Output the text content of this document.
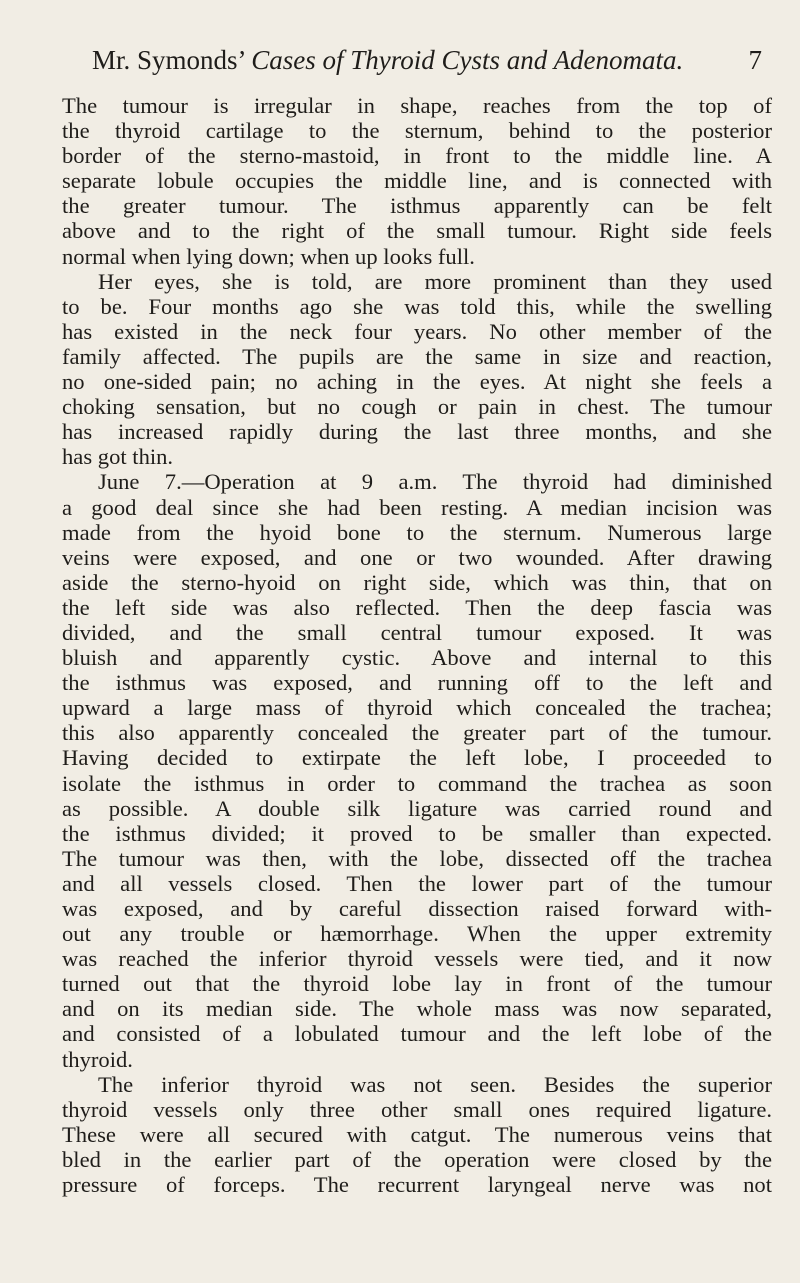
Mr. Symonds’ Cases of Thyroid Cysts and Adenomata. 7
The tumour is irregular in shape, reaches from the top of
the thyroid cartilage to the sternum, behind to the posterior
border of the sterno-mastoid, in front to the middle line. A
separate lobule occupies the middle line, and is connected with
the greater tumour. The isthmus apparently can be felt
above and to the right of the small tumour. Right side feels
normal when lying down; when up looks full.
Her eyes, she is told, are more prominent than they used
to be. Four months ago she was told this, while the swelling
has existed in the neck four years. No other member of the
family affected. The pupils are the same in size and reaction,
no one-sided pain; no aching in the eyes. At night she feels a
choking sensation, but no cough or pain in chest. The tumour
has increased rapidly during the last three months, and she
has got thin.
June 7.—Operation at 9 a.m. The thyroid had diminished
a good deal since she had been resting. A median incision was
made from the hyoid bone to the sternum. Numerous large
veins were exposed, and one or two wounded. After drawing
aside the sterno-hyoid on right side, which was thin, that on
the left side was also reflected. Then the deep fascia was
divided, and the small central tumour exposed. It was
bluish and apparently cystic. Above and internal to this
the isthmus was exposed, and running off to the left and
upward a large mass of thyroid which concealed the trachea;
this also apparently concealed the greater part of the tumour.
Having decided to extirpate the left lobe, I proceeded to
isolate the isthmus in order to command the trachea as soon
as possible. A double silk ligature was carried round and
the isthmus divided; it proved to be smaller than expected.
The tumour was then, with the lobe, dissected off the trachea
and all vessels closed. Then the lower part of the tumour
was exposed, and by careful dissection raised forward with-
out any trouble or hæmorrhage. When the upper extremity
was reached the inferior thyroid vessels were tied, and it now
turned out that the thyroid lobe lay in front of the tumour
and on its median side. The whole mass was now separated,
and consisted of a lobulated tumour and the left lobe of the
thyroid.
The inferior thyroid was not seen. Besides the superior
thyroid vessels only three other small ones required ligature.
These were all secured with catgut. The numerous veins that
bled in the earlier part of the operation were closed by the
pressure of forceps. The recurrent laryngeal nerve was not
